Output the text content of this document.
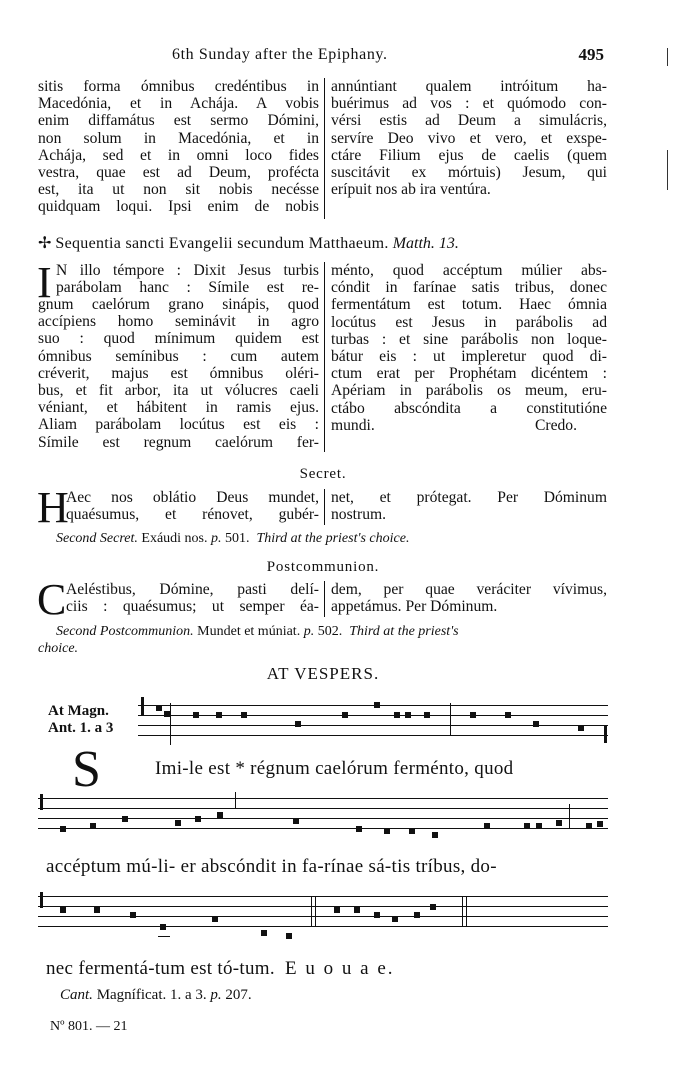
6th Sunday after the Epiphany.	495

sitis forma ómnibus credéntibus in

Macedónia, et in Achája. A vobis

enim diffamátus est sermo Dómini,

non solum in Macedónia, et in

Achája, sed et in omni loco fides

vestra, quae est ad Deum, profécta

est, ita ut non sit nobis necésse

quidquam loqui. Ipsi enim de nobis

annúntiant qualem intróitum ha-

buérimus ad vos : et quómodo con-

vérsi estis ad Deum a simulácris,

servíre Deo vivo et vero, et exspe-

ctáre Filium ejus de caelis (quem

suscitávit ex mórtuis) Jesum, qui

erípuit nos ab ira ventúra.

✢ Sequentia sancti Evangelii secundum Matthaeum. Matth. 13.
I N illo témpore : Dixit Jesus turbis

parábolam hanc : Símile est re-

gnum caelórum grano sinápis, quod

accípiens homo seminávit in agro

suo : quod mínimum quidem est

ómnibus semínibus : cum autem

créverit, majus est ómnibus oléri-

bus, et fit arbor, ita ut vólucres caeli

véniant, et hábitent in ramis ejus.

Aliam parábolam locútus est eis :

Símile est regnum caelórum fer-

ménto, quod accéptum múlier abs-

cóndit in farínae satis tribus, donec

fermentátum est totum. Haec ómnia

locútus est Jesus in parábolis ad

turbas : et sine parábolis non loque-

bátur eis : ut impleretur quod di-

ctum erat per Prophétam dicéntem :

Apériam in parábolis os meum, eru-

ctábo abscóndita a constitutióne

mundi.	Credo.

Secret.
H

Aec nos oblátio Deus mundet,

quaésumus, et rénovet, gubér-

net, et prótegat. Per Dóminum

nostrum.

Second Secret. Exáudi nos. p. 501. Third at the priest's choice.
Postcommunion.
C Aeléstibus, Dómine, pasti delí-

ciis : quaésumus; ut semper éa-

dem, per quae veráciter vívimus,

appetámus. Per Dóminum.

Second Postcommunion. Mundet et múniat. p. 502. Third at the priest's
choice.
AT VESPERS.
At Magn.
Ant. 1. a 3
S	Imi-le est * régnum caelórum ferménto, quod
accéptum mú-li- er abscóndit in fa-rínae sá-tis tríbus, do-
nec fermentá-tum est tó-tum. E u o u a e.
Cant. Magníficat. 1. a 3. p. 207.
Nº 801. — 21
